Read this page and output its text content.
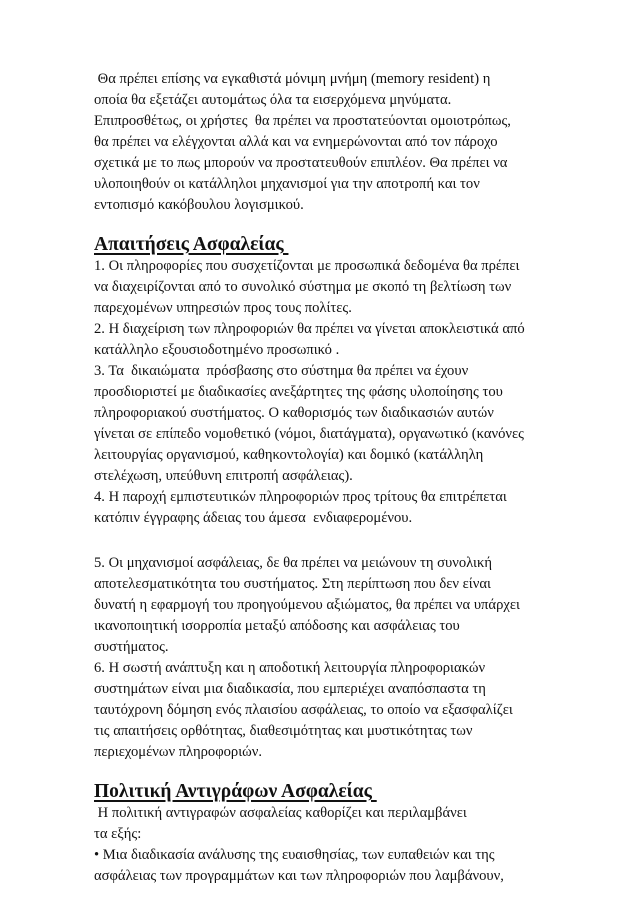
Θα πρέπει επίσης να εγκαθιστά μόνιμη μνήμη (memory resident) η
οποία θα εξετάζει αυτομάτως όλα τα εισερχόμενα μηνύματα.
Επιπροσθέτως, οι χρήστες  θα πρέπει να προστατεύονται ομοιοτρόπως,
θα πρέπει να ελέγχονται αλλά και να ενημερώνονται από τον πάροχο
σχετικά με το πως μπορούν να προστατευθούν επιπλέον. Θα πρέπει να
υλοποιηθούν οι κατάλληλοι μηχανισμοί για την αποτροπή και τον
εντοπισμό κακόβουλου λογισμικού.
Απαιτήσεις Ασφαλείας
1. Οι πληροφορίες που συσχετίζονται με προσωπικά δεδομένα θα πρέπει
να διαχειρίζονται από το συνολικό σύστημα με σκοπό τη βελτίωση των
παρεχομένων υπηρεσιών προς τους πολίτες.
2. Η διαχείριση των πληροφοριών θα πρέπει να γίνεται αποκλειστικά από
κατάλληλο εξουσιοδοτημένο προσωπικό .
3. Τα  δικαιώματα  πρόσβασης στο σύστημα θα πρέπει να έχουν
προσδιοριστεί με διαδικασίες ανεξάρτητες της φάσης υλοποίησης του
πληροφοριακού συστήματος. Ο καθορισμός των διαδικασιών αυτών
γίνεται σε επίπεδο νομοθετικό (νόμοι, διατάγματα), οργανωτικό (κανόνες
λειτουργίας οργανισμού, καθηκοντολογία) και δομικό (κατάλληλη
στελέχωση, υπεύθυνη επιτροπή ασφάλειας).
4. Η παροχή εμπιστευτικών πληροφοριών προς τρίτους θα επιτρέπεται
κατόπιν έγγραφης άδειας του άμεσα  ενδιαφερομένου.
5. Οι μηχανισμοί ασφάλειας, δε θα πρέπει να μειώνουν τη συνολική
αποτελεσματικότητα του συστήματος. Στη περίπτωση που δεν είναι
δυνατή η εφαρμογή του προηγούμενου αξιώματος, θα πρέπει να υπάρχει
ικανοποιητική ισορροπία μεταξύ απόδοσης και ασφάλειας του
συστήματος.
6. Η σωστή ανάπτυξη και η αποδοτική λειτουργία πληροφοριακών
συστημάτων είναι μια διαδικασία, που εμπεριέχει αναπόσπαστα τη
ταυτόχρονη δόμηση ενός πλαισίου ασφάλειας, το οποίο να εξασφαλίζει
τις απαιτήσεις ορθότητας, διαθεσιμότητας και μυστικότητας των
περιεχομένων πληροφοριών.
Πολιτική Αντιγράφων Ασφαλείας
Η πολιτική αντιγραφών ασφαλείας καθορίζει και περιλαμβάνει
τα εξής:
• Μια διαδικασία ανάλυσης της ευαισθησίας, των ευπαθειών και της
ασφάλειας των προγραμμάτων και των πληροφοριών που λαμβάνουν,
